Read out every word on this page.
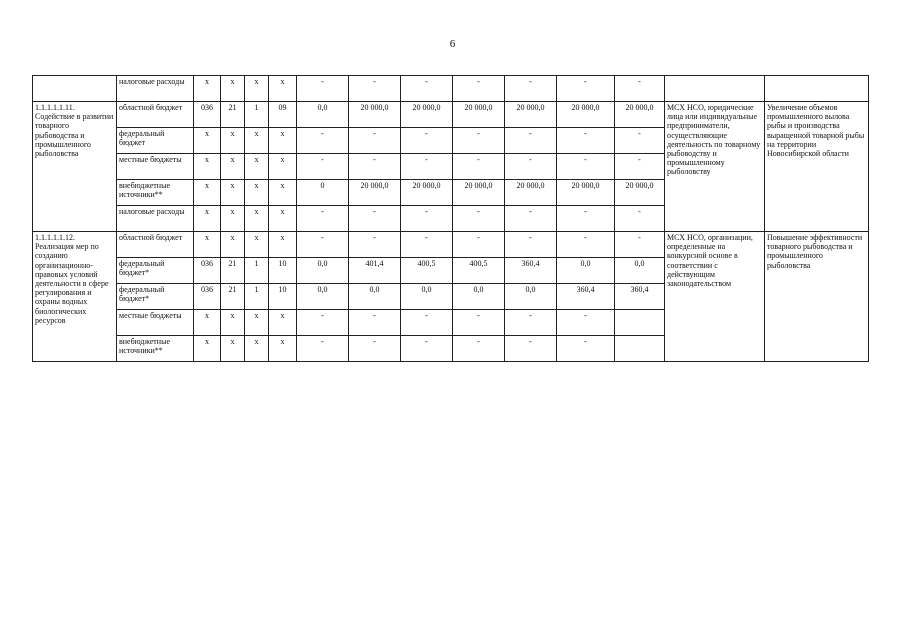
6
	налоговые расходы	x	x	x	x	-	-	-	-	-	-	-		
1.1.1.1.1.11. Содействие в развитии товарного рыбоводства и промышленного рыболовства	областной бюджет	036	21	1	09	0,0	20 000,0	20 000,0	20 000,0	20 000,0	20 000,0	20 000,0	МСХ НСО, юридические лица или индивидуальные предприниматели, осуществляющие деятельность по товарному рыбоводству и промышленному рыболовству	Увеличение объемов промышленного вылова рыбы и производства выращенной товарной рыбы на территории Новосибирской области
	федеральный бюджет	x	x	x	x	-	-	-	-	-	-	-		
	местные бюджеты	x	x	x	x	-	-	-	-	-	-	-		
	внебюджетные источники**	x	x	x	x	0	20 000,0	20 000,0	20 000,0	20 000,0	20 000,0	20 000,0		
	налоговые расходы	x	x	x	x	-	-	-	-	-	-	-		
1.1.1.1.1.12. Реализация мер по созданию организационно-правовых условий деятельности в сфере регулирования и охраны водных биологических ресурсов	областной бюджет	x	x	x	x	-	-	-	-	-	-	-	МСХ НСО, организации, определенные на конкурсной основе в соответствии с действующим законодательством	Повышение эффективности товарного рыбоводства и промышленного рыболовства
	федеральный бюджет*	036	21	1	10	0,0	401,4	400,5	400,5	360,4	0,0	0,0		
	федеральный бюджет*	036	21	1	10	0,0	0,0	0,0	0,0	0,0	360,4	360,4		
	местные бюджеты	x	x	x	x	-	-	-	-	-	-			
	внебюджетные источники**	x	x	x	x	-	-	-	-	-	-			
